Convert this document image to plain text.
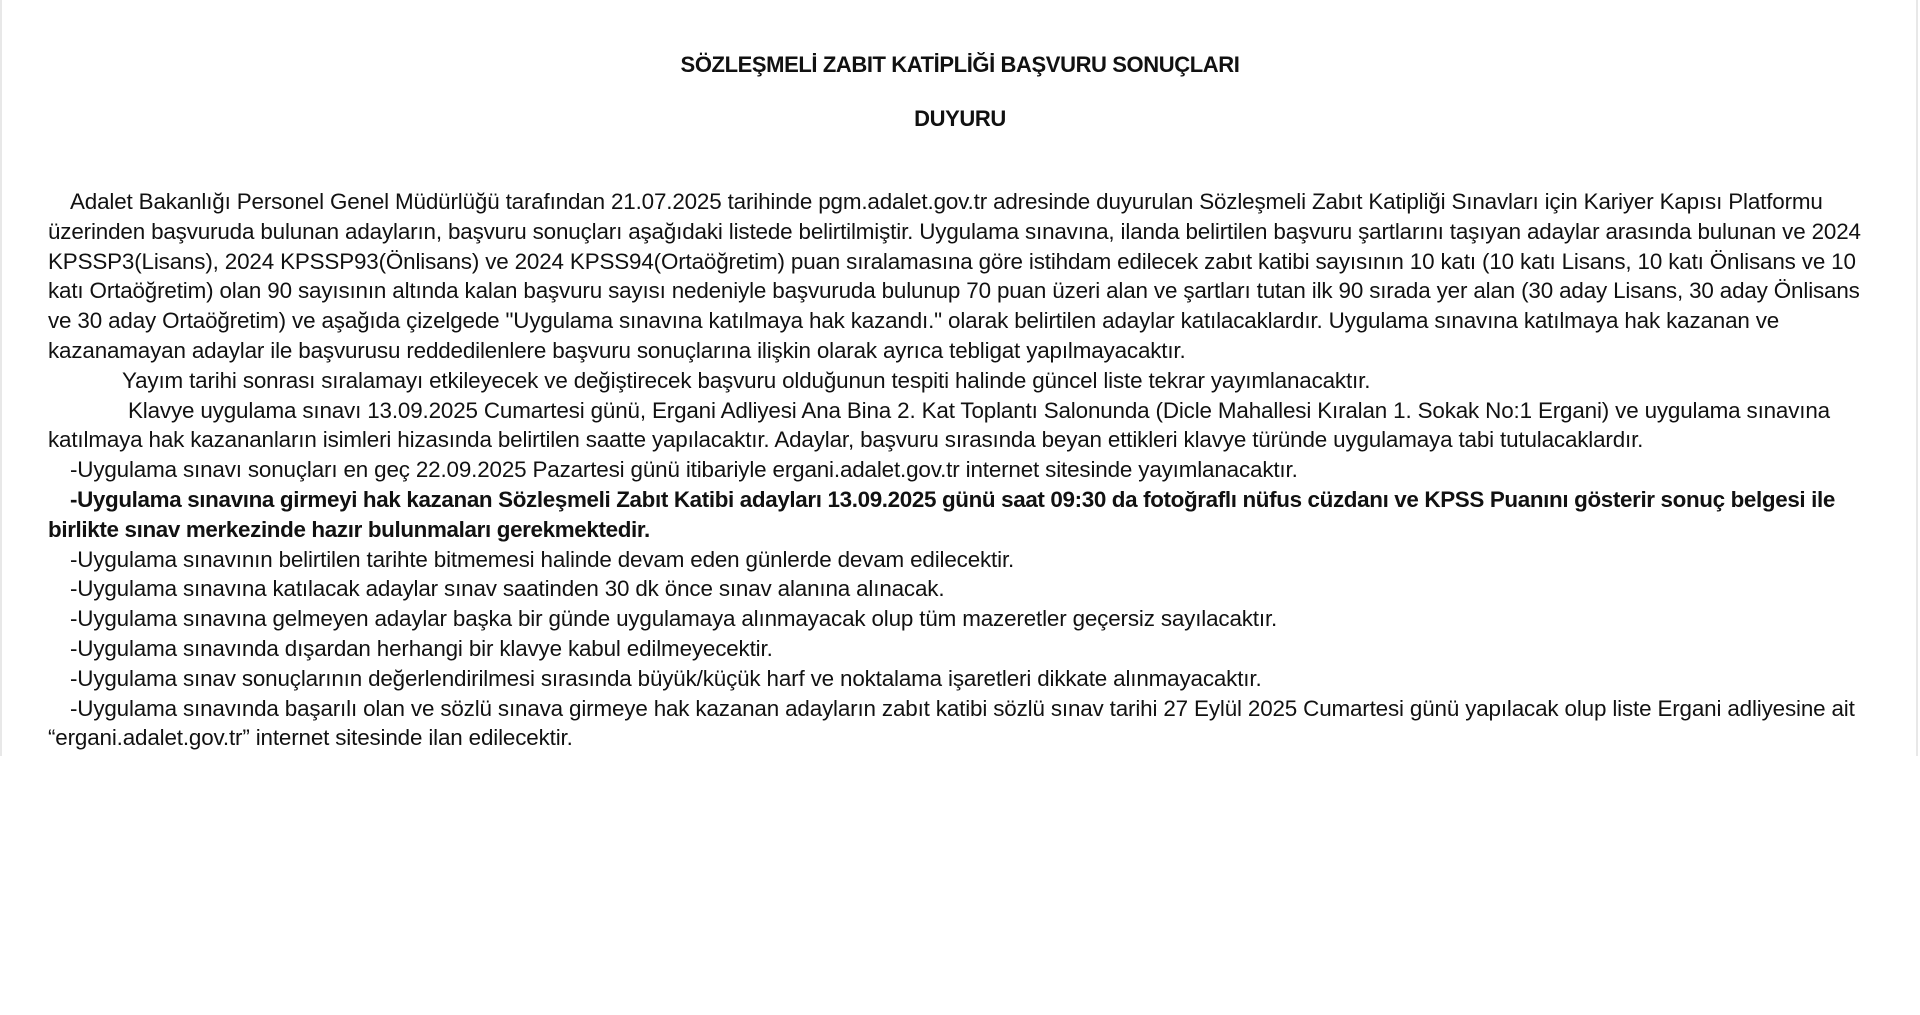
SÖZLEŞMELİ ZABIT KATİPLİĞİ BAŞVURU SONUÇLARI
DUYURU

Adalet Bakanlığı Personel Genel Müdürlüğü tarafından 21.07.2025 tarihinde pgm.adalet.gov.tr adresinde duyurulan Sözleşmeli Zabıt Katipliği Sınavları için Kariyer Kapısı Platformu üzerinden başvuruda bulunan adayların, başvuru sonuçları aşağıdaki listede belirtilmiştir. Uygulama sınavına, ilanda belirtilen başvuru şartlarını taşıyan adaylar arasında bulunan ve 2024 KPSSP3(Lisans), 2024 KPSSP93(Önlisans) ve 2024 KPSS94(Ortaöğretim) puan sıralamasına göre istihdam edilecek zabıt katibi sayısının 10 katı (10 katı Lisans, 10 katı Önlisans ve 10 katı Ortaöğretim) olan 90 sayısının altında kalan başvuru sayısı nedeniyle başvuruda bulunup 70 puan üzeri alan ve şartları tutan ilk 90 sırada yer alan (30 aday Lisans, 30 aday Önlisans ve 30 aday Ortaöğretim) ve aşağıda çizelgede "Uygulama sınavına katılmaya hak kazandı." olarak belirtilen adaylar katılacaklardır. Uygulama sınavına katılmaya hak kazanan ve kazanamayan adaylar ile başvurusu reddedilenlere başvuru sonuçlarına ilişkin olarak ayrıca tebligat yapılmayacaktır.

Yayım tarihi sonrası sıralamayı etkileyecek ve değiştirecek başvuru olduğunun tespiti halinde güncel liste tekrar yayımlanacaktır.

Klavye uygulama sınavı 13.09.2025 Cumartesi günü, Ergani Adliyesi Ana Bina 2. Kat Toplantı Salonunda (Dicle Mahallesi Kıralan 1. Sokak No:1 Ergani) ve uygulama sınavına katılmaya hak kazananların isimleri hizasında belirtilen saatte yapılacaktır. Adaylar, başvuru sırasında beyan ettikleri klavye türünde uygulamaya tabi tutulacaklardır.

-Uygulama sınavı sonuçları en geç 22.09.2025 Pazartesi günü itibariyle ergani.adalet.gov.tr internet sitesinde yayımlanacaktır.

-Uygulama sınavına girmeyi hak kazanan Sözleşmeli Zabıt Katibi adayları 13.09.2025 günü saat 09:30 da fotoğraflı nüfus cüzdanı ve KPSS Puanını gösterir sonuç belgesi ile birlikte sınav merkezinde hazır bulunmaları gerekmektedir.

-Uygulama sınavının belirtilen tarihte bitmemesi halinde devam eden günlerde devam edilecektir.

-Uygulama sınavına katılacak adaylar sınav saatinden 30 dk önce sınav alanına alınacak.

-Uygulama sınavına gelmeyen adaylar başka bir günde uygulamaya alınmayacak olup tüm mazeretler geçersiz sayılacaktır.

-Uygulama sınavında dışardan herhangi bir klavye kabul edilmeyecektir.

-Uygulama sınav sonuçlarının değerlendirilmesi sırasında büyük/küçük harf ve noktalama işaretleri dikkate alınmayacaktır.

-Uygulama sınavında başarılı olan ve sözlü sınava girmeye hak kazanan adayların zabıt katibi sözlü sınav tarihi 27 Eylül 2025 Cumartesi günü yapılacak olup liste Ergani adliyesine ait “ergani.adalet.gov.tr” internet sitesinde ilan edilecektir.
